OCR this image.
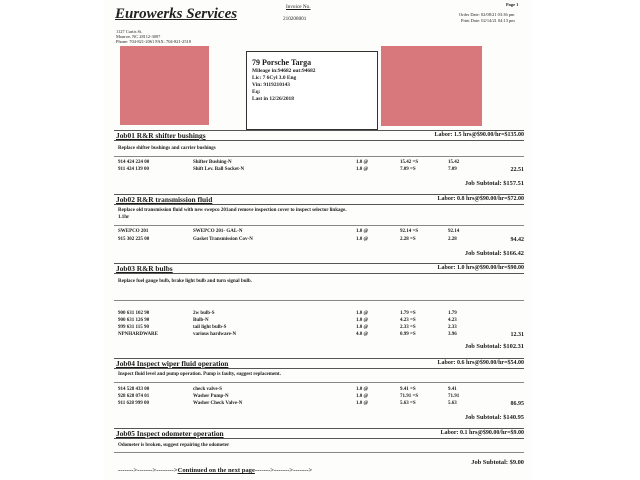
Eurowerks Services
1127 Curtis St.
Monroe, NC 28112-3007
Phone: 704-821-2061 FAX: 704-821-2518
Invoice No.
210208001
Page 1
Order Date: 02/08/21 03:36 pm
Print Date: 02/14/21 04:13 pm
79 Porsche Targa
Mileage in:94682 out:94682
Lic: 7 6Cyl 3.0 Eng
Vin: 9119210143
Eq:
Last in 12/26/2018
Job01 R&R shifter bushings	Labor: 1.5 hrs@$90.00/hr=$135.00
Replace shifter bushings and carrier bushings
914 424 224 00	Shifter Bushing-N	1.0 @	15.42 =S	15.42
911 424 139 00	Shift Lev. Ball Socket-N	1.0 @	7.09 =S	7.09	22.51
Job Subtotal: $157.51
Job02 R&R transmission fluid	Labor: 0.8 hrs@$90.00/hr=$72.00
Replace old transmission fluid with new swepco 201and remove inspection cover to inspect selector linkage.
1.1hr
SWEPCO 201	SWEPCO 201- GAL-N	1.0 @	92.14 =S	92.14
915 302 225 00	Gasket Transmission Cov-N	1.0 @	2.28 =S	2.28	94.42
Job Subtotal: $166.42
Job03 R&R bulbs	Labor: 1.0 hrs@$90.00/hr=$90.00
Replace fuel gauge bulb, brake light bulb and turn signal bulb.
900 631 102 90	2w bulb-S	1.0 @	1.79 =S	1.79
900 631 126 90	Bulb-N	1.0 @	4.23 =S	4.23
999 631 115 90	tail light bulb-S	1.0 @	2.33 =S	2.33
NPNHARDWARE	various hardware-N	4.0 @	0.99 =S	3.96	12.31
Job Subtotal: $102.31
Job04 Inspect wiper fluid operation	Labor: 0.6 hrs@$90.00/hr=$54.00
Inspect fluid level and pump operation. Pump is faulty, suggest replacement.
914 528 433 00	check valve-S	1.0 @	9.41 =S	9.41
928 628 074 01	Washer Pump-N	1.0 @	71.91 =S	71.91
911 628 999 00	Washer Check Valve-N	1.0 @	5.63 =S	5.63	86.95
Job Subtotal: $140.95
Job05 Inspect odometer operation	Labor: 0.1 hrs@$90.00/hr=$9.00
Odometer is broken, suggest repairing the odometer
Job Subtotal: $9.00
------->------->-------->Continued on the next page------->------->------->
